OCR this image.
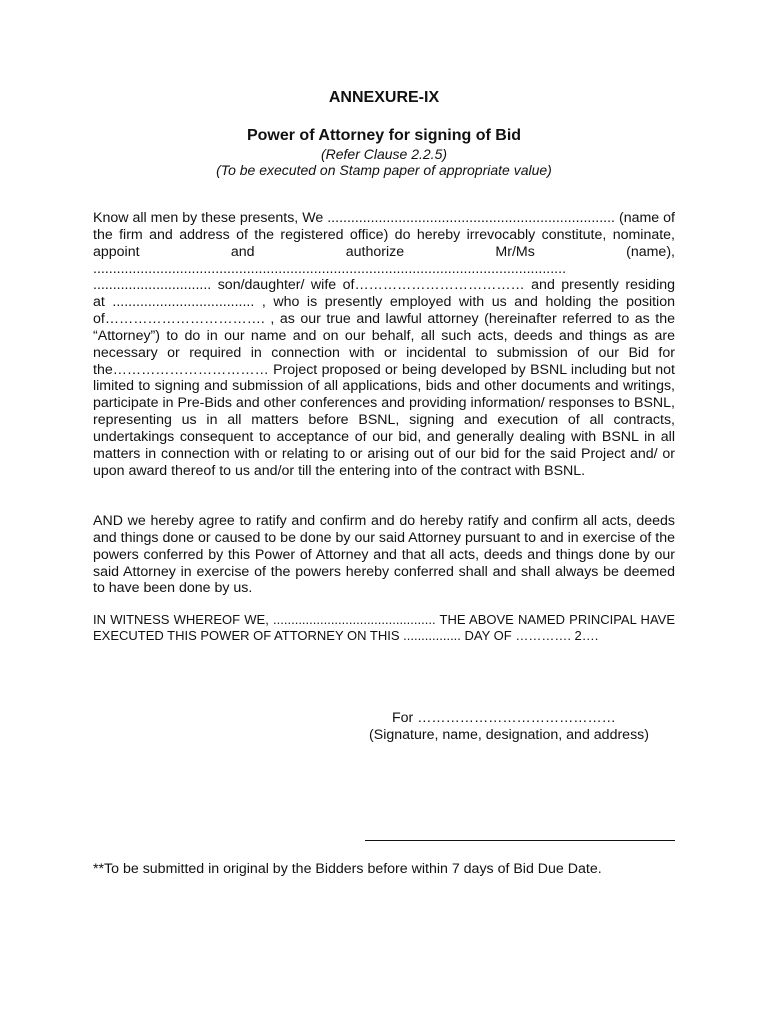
ANNEXURE-IX
Power of Attorney for signing of Bid

(Refer Clause 2.2.5)

(To be executed on Stamp paper of appropriate value)

Know all men by these presents, We ......................................................................... (name of the firm and address of the registered office) do hereby irrevocably constitute, nominate, appoint and authorize Mr/Ms (name), ........................................................................................................................ .............................. son/daughter/ wife of……………………………… and presently residing at .................................... , who is presently employed with us and holding the position of……………………………. , as our true and lawful attorney (hereinafter referred to as the “Attorney”) to do in our name and on our behalf, all such acts, deeds and things as are necessary or required in connection with or incidental to submission of our Bid for the…………………………… Project proposed or being developed by BSNL including but not limited to signing and submission of all applications, bids and other documents and writings, participate in Pre-Bids and other conferences and providing information/ responses to BSNL, representing us in all matters before BSNL, signing and execution of all contracts, undertakings consequent to acceptance of our bid, and generally dealing with BSNL in all matters in connection with or relating to or arising out of our bid for the said Project and/ or upon award thereof to us and/or till the entering into of the contract with BSNL.

AND we hereby agree to ratify and confirm and do hereby ratify and confirm all acts, deeds and things done or caused to be done by our said Attorney pursuant to and in exercise of the powers conferred by this Power of Attorney and that all acts, deeds and things done by our said Attorney in exercise of the powers hereby conferred shall and shall always be deemed to have been done by us.

IN WITNESS WHEREOF WE, ............................................. THE ABOVE NAMED PRINCIPAL HAVE EXECUTED THIS POWER OF ATTORNEY ON THIS ................ DAY OF …………. 2….

For ……………………………………

(Signature, name, designation, and address)

**To be submitted in original by the Bidders before within 7 days of Bid Due Date.
